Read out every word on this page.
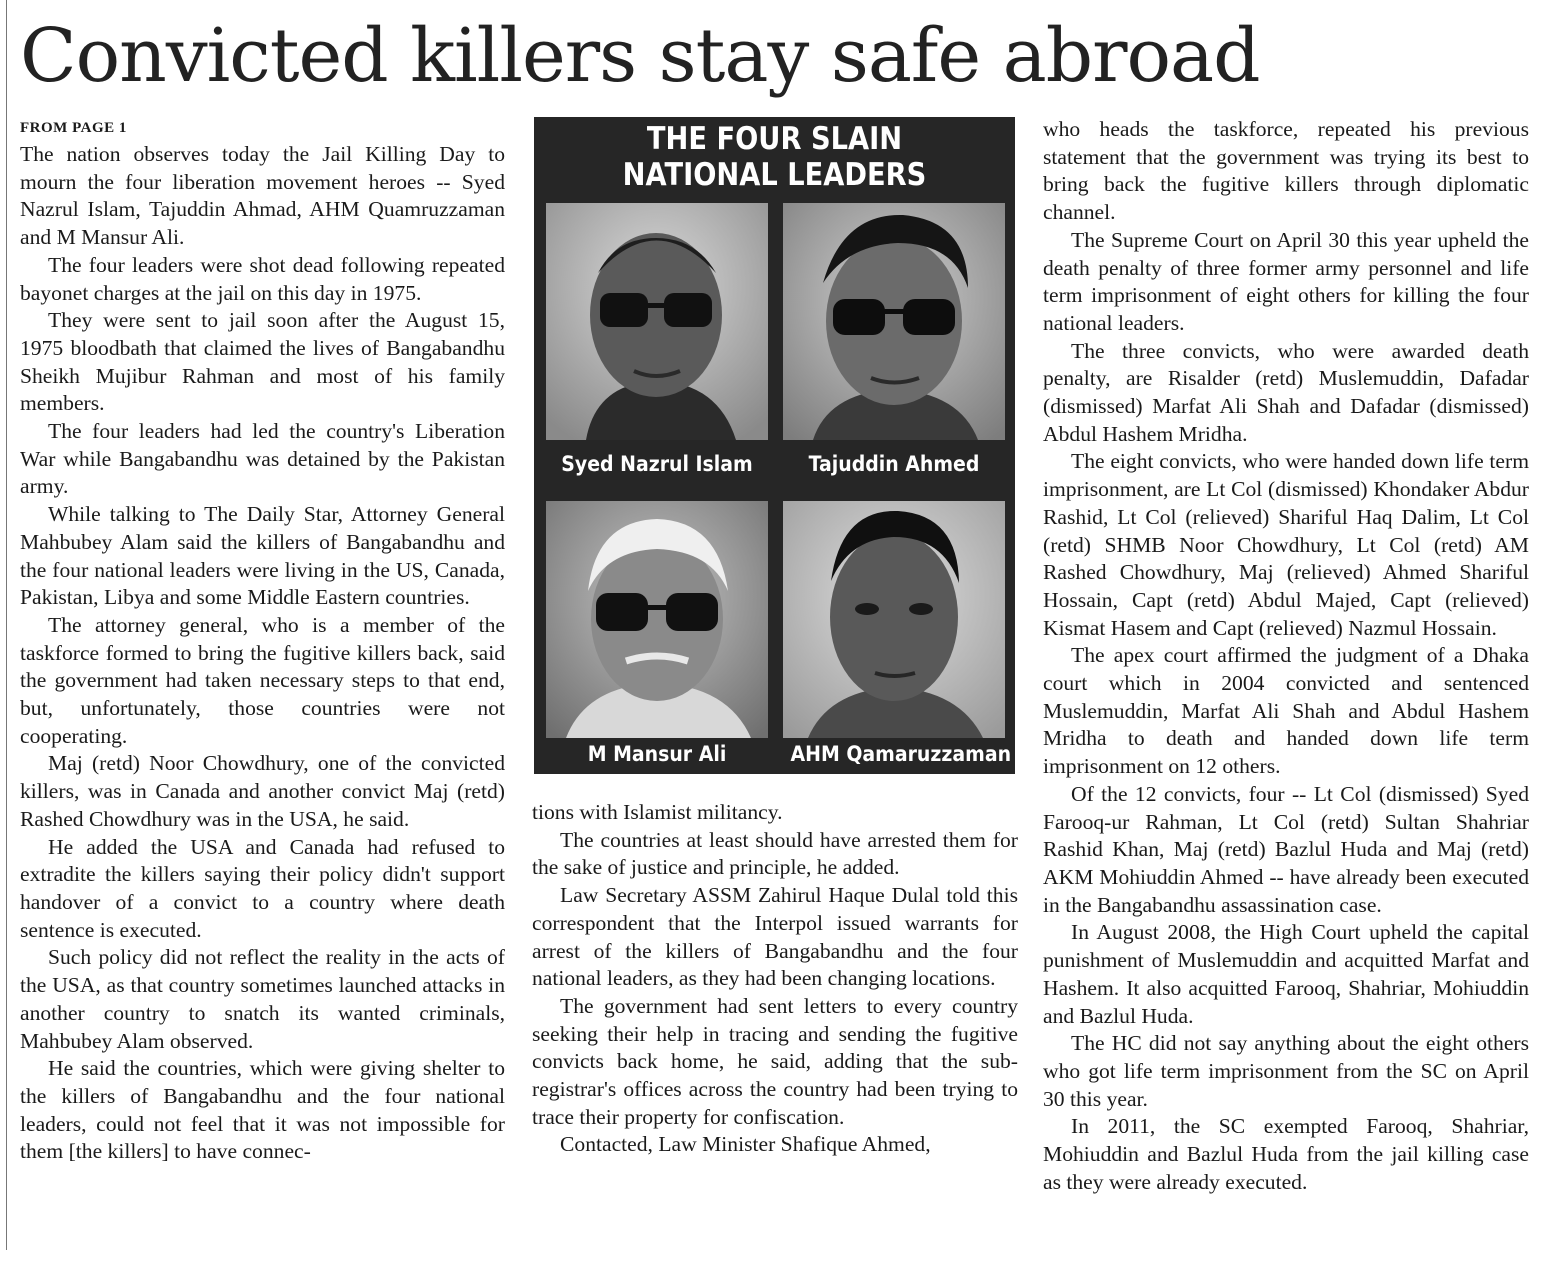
Convicted killers stay safe abroad
FROM PAGE 1

The nation observes today the Jail Killing Day to mourn the four liberation movement heroes -- Syed Nazrul Islam, Tajuddin Ahmad, AHM Quamruzzaman and M Mansur Ali.

The four leaders were shot dead following repeated bayonet charges at the jail on this day in 1975.

They were sent to jail soon after the August 15, 1975 bloodbath that claimed the lives of Bangabandhu Sheikh Mujibur Rahman and most of his family members.

The four leaders had led the country's Liberation War while Bangabandhu was detained by the Pakistan army.

While talking to The Daily Star, Attorney General Mahbubey Alam said the killers of Bangabandhu and the four national leaders were living in the US, Canada, Pakistan, Libya and some Middle Eastern countries.

The attorney general, who is a member of the taskforce formed to bring the fugitive killers back, said the government had taken necessary steps to that end, but, unfortunately, those countries were not cooperating.

Maj (retd) Noor Chowdhury, one of the convicted killers, was in Canada and another convict Maj (retd) Rashed Chowdhury was in the USA, he said.

He added the USA and Canada had refused to extradite the killers saying their policy didn't support handover of a convict to a country where death sentence is executed.

Such policy did not reflect the reality in the acts of the USA, as that country sometimes launched attacks in another country to snatch its wanted criminals, Mahbubey Alam observed.

He said the countries, which were giving shelter to the killers of Bangabandhu and the four national leaders, could not feel that it was not impossible for them [the killers] to have connec-

THE FOUR SLAIN
NATIONAL LEADERS
Syed Nazrul Islam	Tajuddin Ahmed
M Mansur Ali	AHM Qamaruzzaman

tions with Islamist militancy.

The countries at least should have arrested them for the sake of justice and principle, he added.

Law Secretary ASSM Zahirul Haque Dulal told this correspondent that the Interpol issued warrants for arrest of the killers of Bangabandhu and the four national leaders, as they had been changing locations.

The government had sent letters to every country seeking their help in tracing and sending the fugitive convicts back home, he said, adding that the sub-registrar's offices across the country had been trying to trace their property for confiscation.

Contacted, Law Minister Shafique Ahmed,

who heads the taskforce, repeated his previous statement that the government was trying its best to bring back the fugitive killers through diplomatic channel.

The Supreme Court on April 30 this year upheld the death penalty of three former army personnel and life term imprisonment of eight others for killing the four national leaders.

The three convicts, who were awarded death penalty, are Risalder (retd) Muslemuddin, Dafadar (dismissed) Marfat Ali Shah and Dafadar (dismissed) Abdul Hashem Mridha.

The eight convicts, who were handed down life term imprisonment, are Lt Col (dismissed) Khondaker Abdur Rashid, Lt Col (relieved) Shariful Haq Dalim, Lt Col (retd) SHMB Noor Chowdhury, Lt Col (retd) AM Rashed Chowdhury, Maj (relieved) Ahmed Shariful Hossain, Capt (retd) Abdul Majed, Capt (relieved) Kismat Hasem and Capt (relieved) Nazmul Hossain.

The apex court affirmed the judgment of a Dhaka court which in 2004 convicted and sentenced Muslemuddin, Marfat Ali Shah and Abdul Hashem Mridha to death and handed down life term imprisonment on 12 others.

Of the 12 convicts, four -- Lt Col (dismissed) Syed Farooq-ur Rahman, Lt Col (retd) Sultan Shahriar Rashid Khan, Maj (retd) Bazlul Huda and Maj (retd) AKM Mohiuddin Ahmed -- have already been executed in the Bangabandhu assassination case.

In August 2008, the High Court upheld the capital punishment of Muslemuddin and acquitted Marfat and Hashem. It also acquitted Farooq, Shahriar, Mohiuddin and Bazlul Huda.

The HC did not say anything about the eight others who got life term imprisonment from the SC on April 30 this year.

In 2011, the SC exempted Farooq, Shahriar, Mohiuddin and Bazlul Huda from the jail killing case as they were already executed.
